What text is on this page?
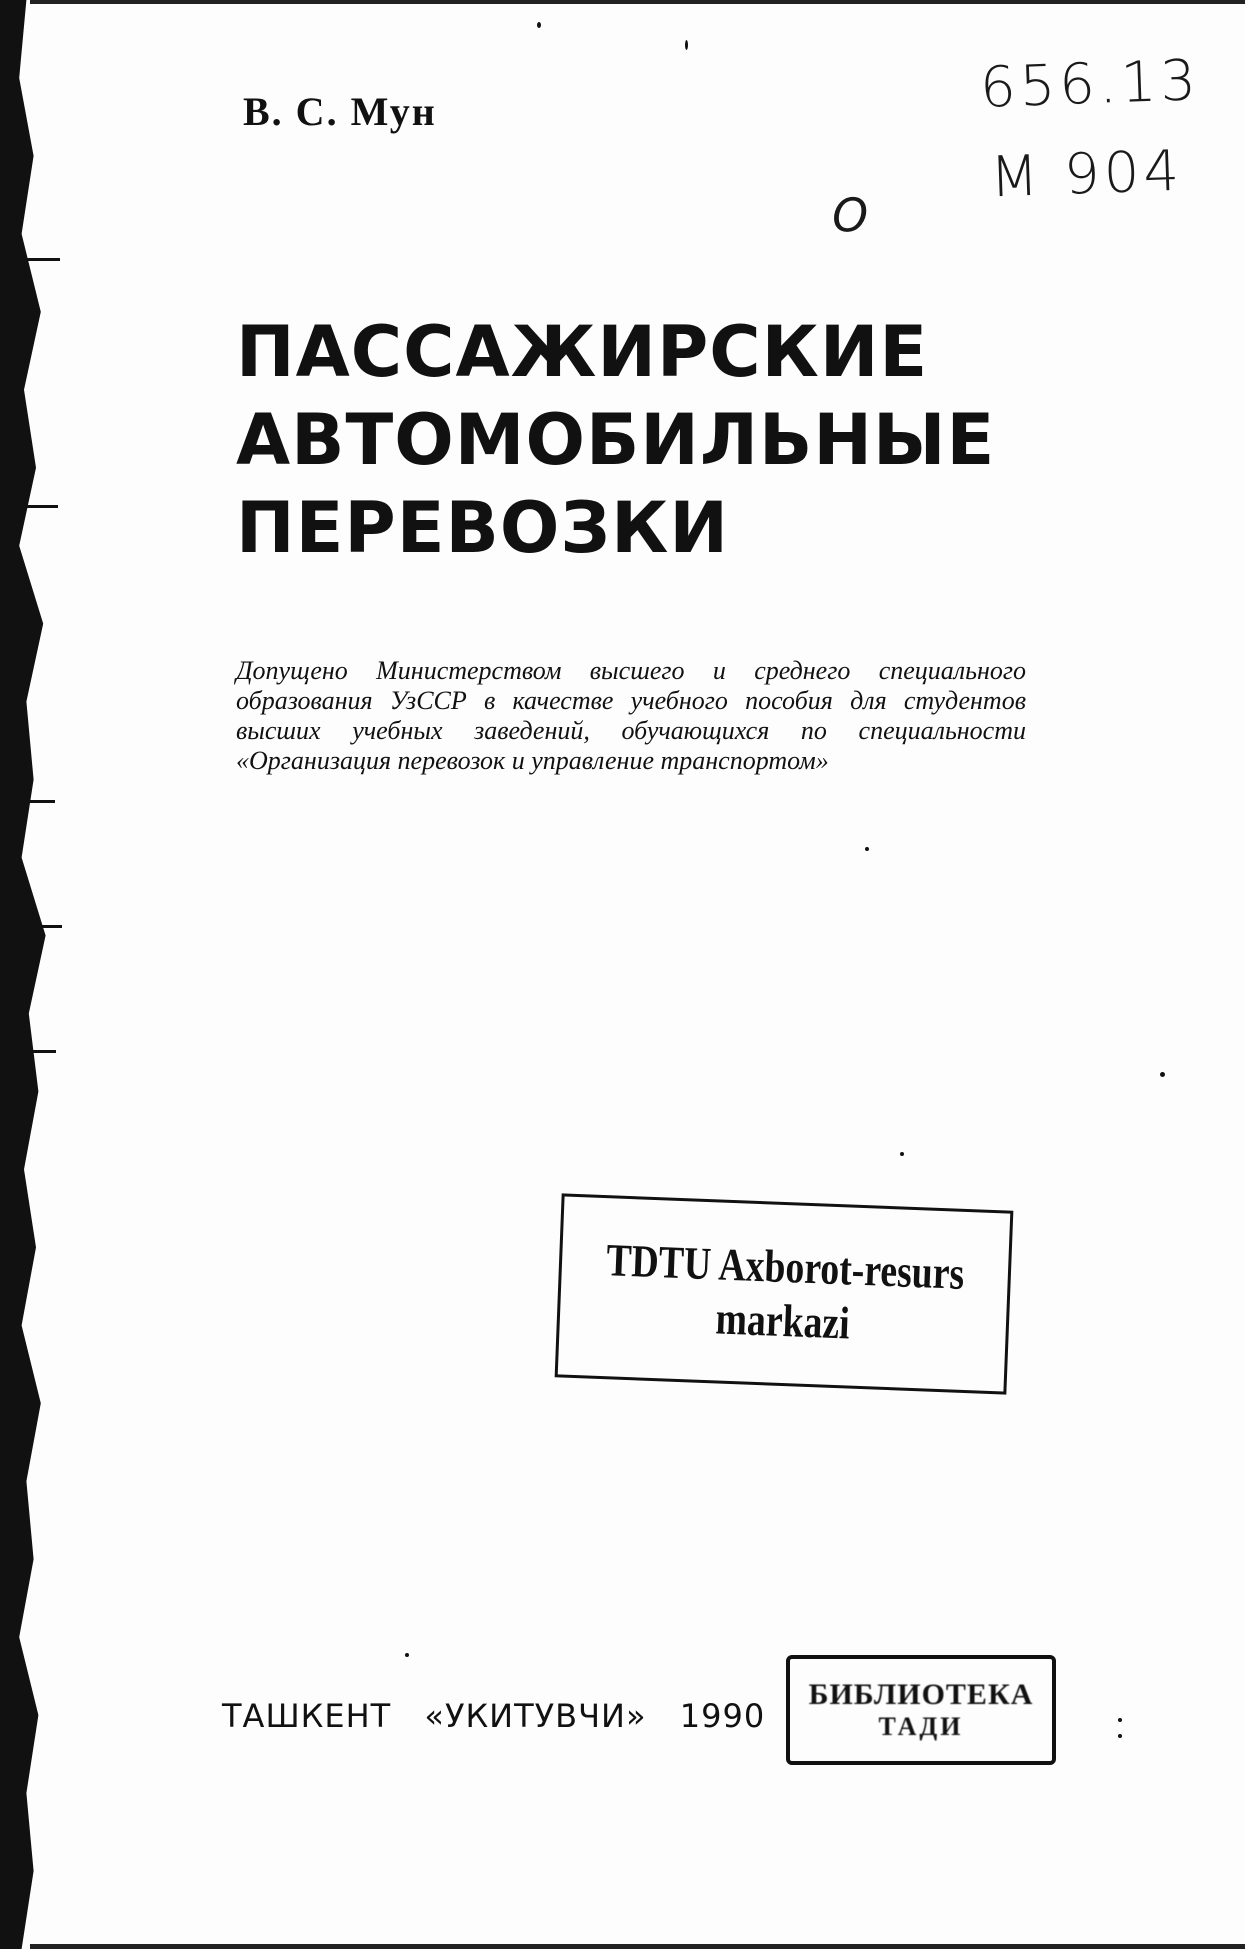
В. С. Мун	656.13
M 904
O
ПАССАЖИРСКИЕ
АВТОМОБИЛЬНЫЕ
ПЕРЕВОЗКИ

Допущено Министерством высшего и среднего специального образования УзССР в качестве учебного пособия для студентов высших учебных заведений, обучающихся по специальности «Организация перевозок и управление транспортом»

TDTU Axborot-resurs
markazi
ТАШКЕНТ «УКИТУВЧИ» 1990
БИБЛИОТЕКА
ТАДИ
